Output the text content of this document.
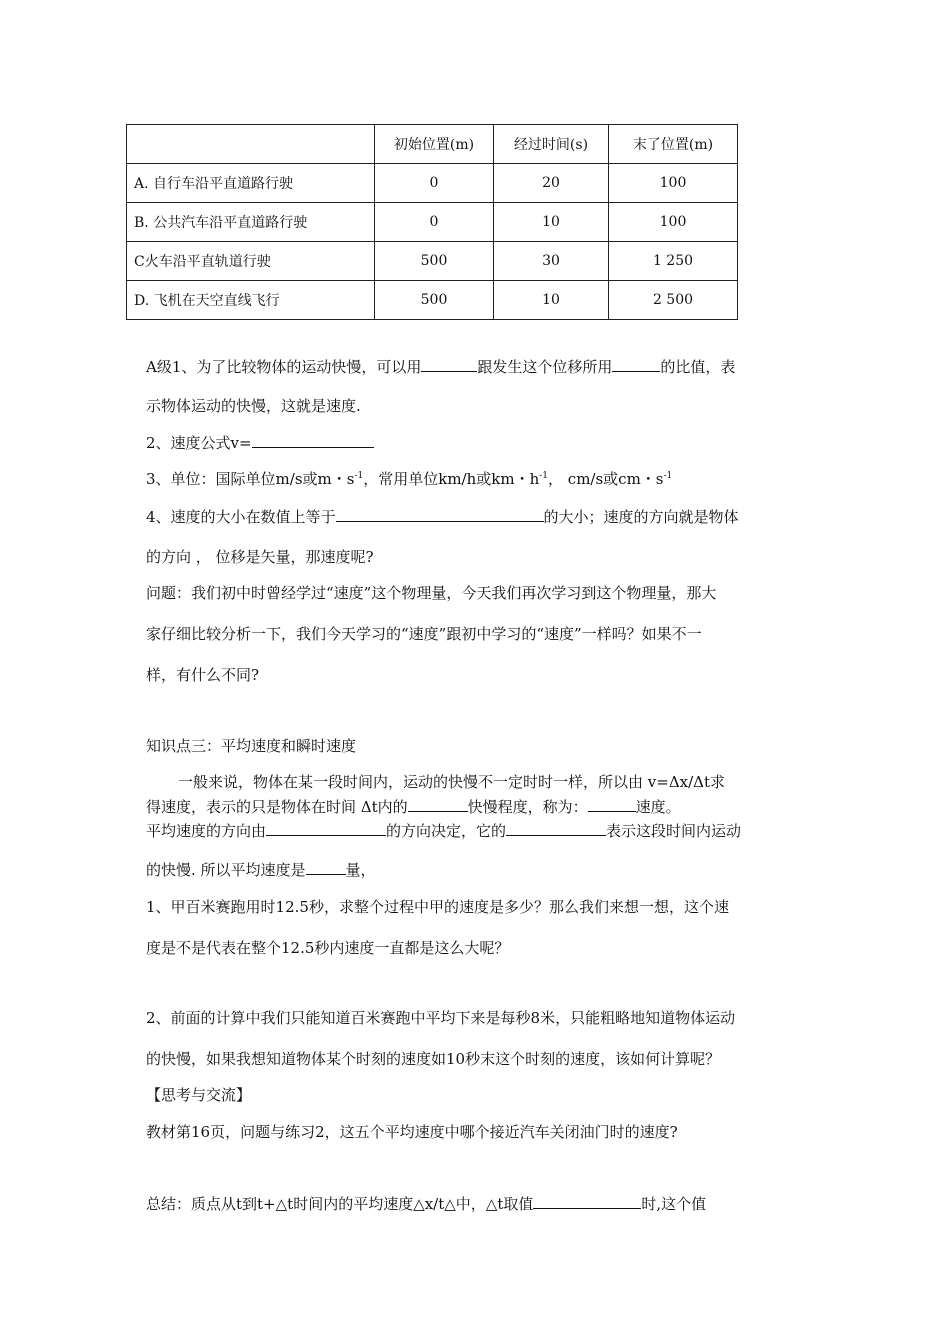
	初始位置(m)	经过时间(s)	末了位置(m)
A. 自行车沿平直道路行驶	0	20	100
B. 公共汽车沿平直道路行驶	0	10	100
C火车沿平直轨道行驶	500	30	1 250
D. 飞机在天空直线飞行	500	10	2 500
A级1、为了比较物体的运动快慢，可以用	跟发生这个位移所用	的比值，表
示物体运动的快慢，这就是速度.
2、速度公式v=
3、单位：国际单位m/s或m・$s^{-1}$，常用单位km/h或km・$h^{-1}$， cm/s或cm・$s^{-1}$
4、速度的大小在数值上等于	的大小；速度的方向就是物体
的方向 ， 位移是矢量，那速度呢?
问题：我们初中时曾经学过“速度”这个物理量，今天我们再次学习到这个物理量，那大
家仔细比较分析一下，我们今天学习的“速度”跟初中学习的“速度”一样吗？如果不一
样，有什么不同?
知识点三：平均速度和瞬时速度
一般来说，物体在某一段时间内，运动的快慢不一定时时一样，所以由 v=Δx/Δt求
得速度，表示的只是物体在时间 Δt内的	快慢程度，称为：	速度。
平均速度的方向由	的方向决定，它的	表示这段时间内运动
的快慢. 所以平均速度是	量，
1、甲百米赛跑用时12.5秒，求整个过程中甲的速度是多少？那么我们来想一想，这个速
度是不是代表在整个12.5秒内速度一直都是这么大呢？
2、前面的计算中我们只能知道百米赛跑中平均下来是每秒8米，只能粗略地知道物体运动
的快慢，如果我想知道物体某个时刻的速度如10秒末这个时刻的速度，该如何计算呢？
【思考与交流】
教材第16页，问题与练习2，这五个平均速度中哪个接近汽车关闭油门时的速度?
总结：质点从t到t+△t时间内的平均速度△x/t△中，△t取值	时,这个值
